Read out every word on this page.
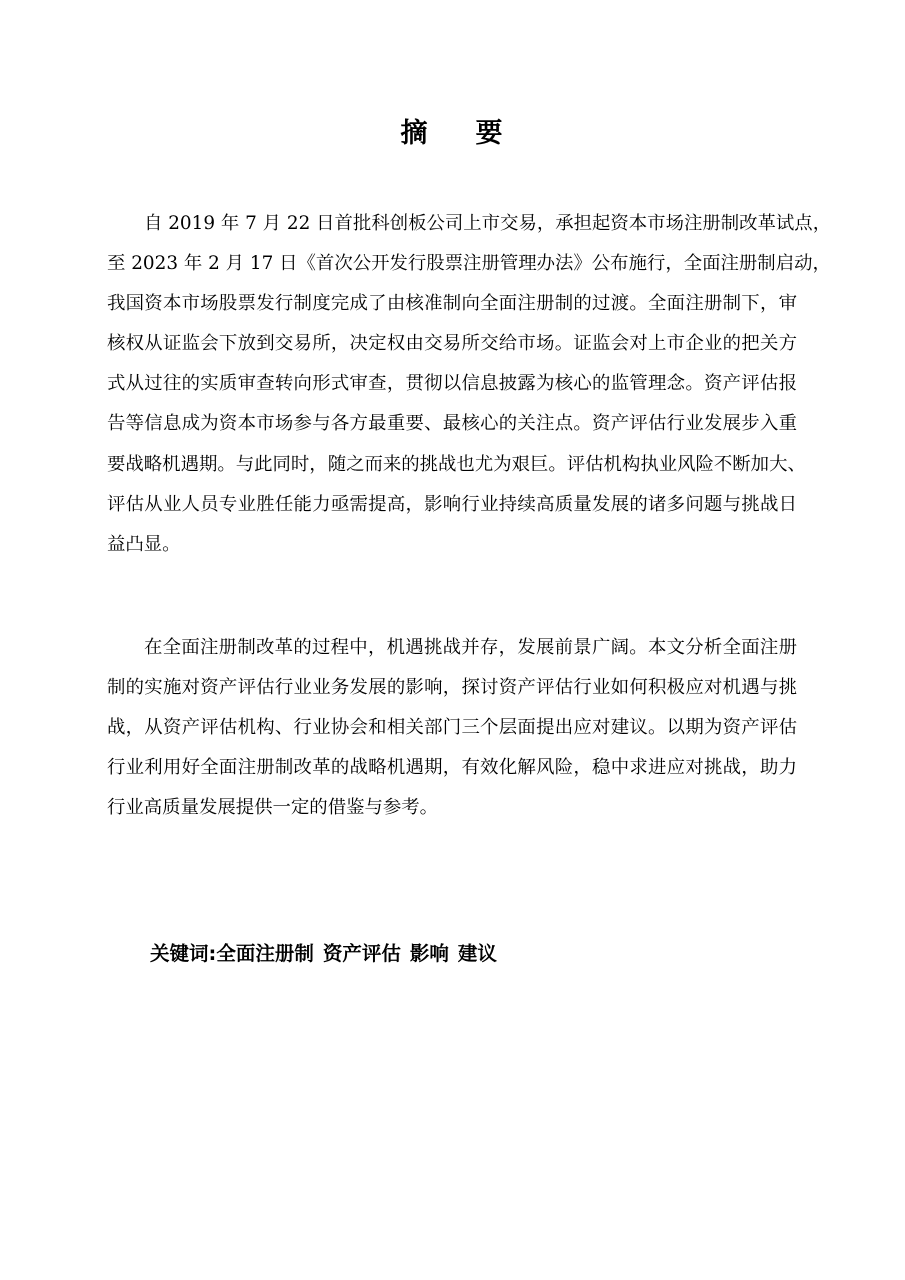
摘 要
自 2019 年 7 月 22 日首批科创板公司上市交易，承担起资本市场注册制改革试点，
至 2023 年 2 月 17 日《首次公开发行股票注册管理办法》公布施行，全面注册制启动，
我国资本市场股票发行制度完成了由核准制向全面注册制的过渡。全面注册制下，审
核权从证监会下放到交易所，决定权由交易所交给市场。证监会对上市企业的把关方
式从过往的实质审查转向形式审查，贯彻以信息披露为核心的监管理念。资产评估报
告等信息成为资本市场参与各方最重要、最核心的关注点。资产评估行业发展步入重
要战略机遇期。与此同时，随之而来的挑战也尤为艰巨。评估机构执业风险不断加大、
评估从业人员专业胜任能力亟需提高，影响行业持续高质量发展的诸多问题与挑战日
益凸显。
在全面注册制改革的过程中，机遇挑战并存，发展前景广阔。本文分析全面注册
制的实施对资产评估行业业务发展的影响，探讨资产评估行业如何积极应对机遇与挑
战，从资产评估机构、行业协会和相关部门三个层面提出应对建议。以期为资产评估
行业利用好全面注册制改革的战略机遇期，有效化解风险，稳中求进应对挑战，助力
行业高质量发展提供一定的借鉴与参考。
关键词:全面注册制 资产评估 影响 建议
